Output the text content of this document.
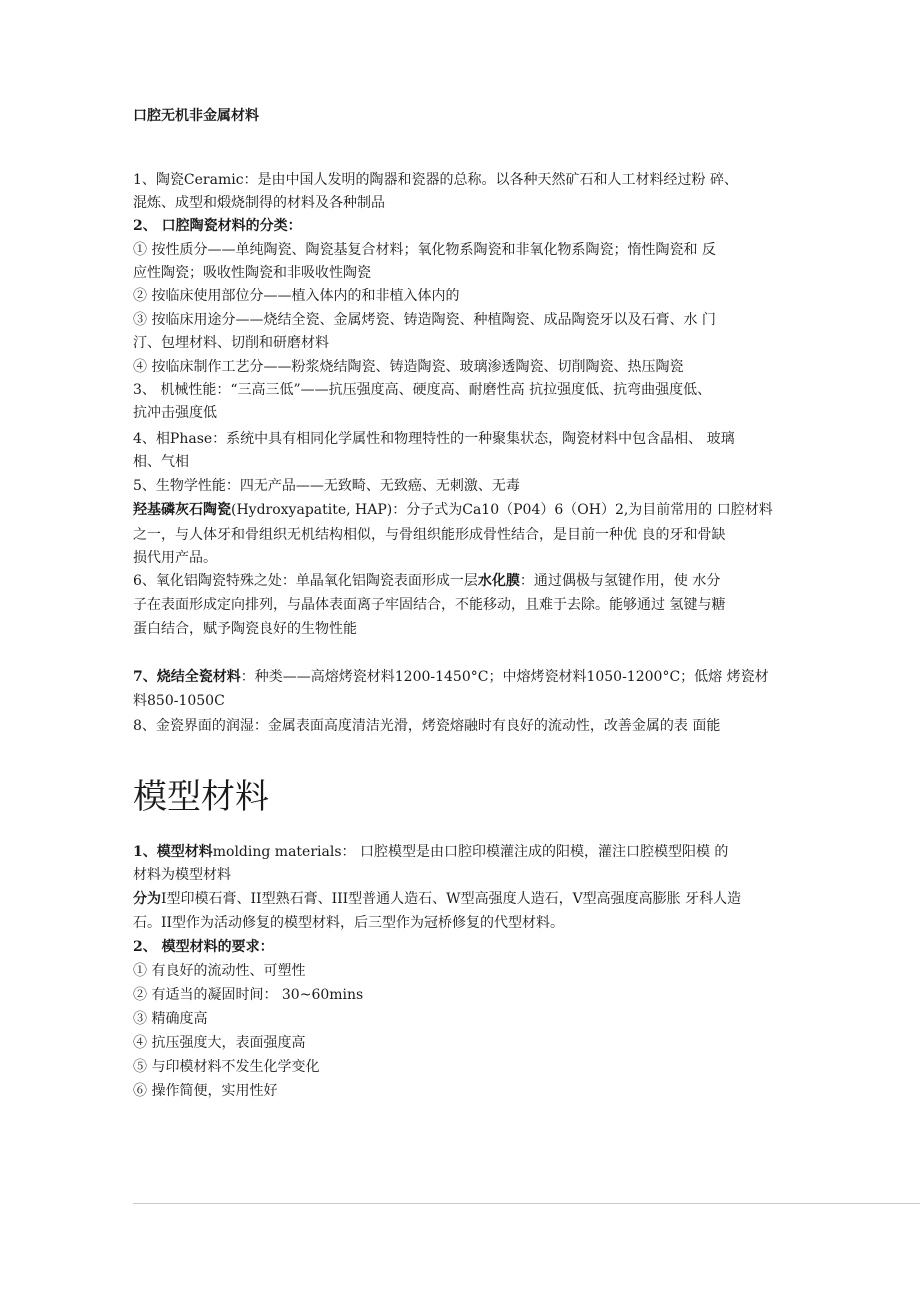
口腔无机非金属材料
1、陶瓷Ceramic：是由中国人发明的陶器和瓷器的总称。以各种天然矿石和人工材料经过粉 碎、
混炼、成型和煅烧制得的材料及各种制品
2、 口腔陶瓷材料的分类：
① 按性质分——单纯陶瓷、陶瓷基复合材料；氧化物系陶瓷和非氧化物系陶瓷；惰性陶瓷和 反
应性陶瓷；吸收性陶瓷和非吸收性陶瓷
② 按临床使用部位分——植入体内的和非植入体内的
③ 按临床用途分——烧结全瓷、金属烤瓷、铸造陶瓷、种植陶瓷、成品陶瓷牙以及石膏、水 门
汀、包埋材料、切削和研磨材料
④ 按临床制作工艺分——粉浆烧结陶瓷、铸造陶瓷、玻璃渗透陶瓷、切削陶瓷、热压陶瓷
3、 机械性能：“三高三低”——抗压强度高、硬度高、耐磨性高 抗拉强度低、抗弯曲强度低、
抗冲击强度低
4、相Phase：系统中具有相同化学属性和物理特性的一种聚集状态，陶瓷材料中包含晶相、 玻璃
相、气相
5、生物学性能：四无产品——无致畸、无致癌、无刺激、无毒
羟基磷灰石陶瓷(Hydroxyapatite, HAP)：分子式为Ca10（P04）6（OH）2,为目前常用的 口腔材料
之一，与人体牙和骨组织无机结构相似，与骨组织能形成骨性结合，是目前一种优 良的牙和骨缺
损代用产品。
6、氧化铝陶瓷特殊之处：单晶氧化铝陶瓷表面形成一层水化膜：通过偶极与氢键作用，使 水分
子在表面形成定向排列，与晶体表面离子牢固结合，不能移动，且难于去除。能够通过 氢键与糖
蛋白结合，赋予陶瓷良好的生物性能
7、烧结全瓷材料：种类——高熔烤瓷材料1200-1450°C；中熔烤瓷材料1050-1200°C；低熔 烤瓷材
料850-1050C
8、金瓷界面的润湿：金属表面高度清洁光滑，烤瓷熔融时有良好的流动性，改善金属的表 面能
模型材料
1、模型材料molding materials： 口腔模型是由口腔印模灌注成的阳模，灌注口腔模型阳模 的
材料为模型材料
分为I型印模石膏、II型熟石膏、III型普通人造石、W型高强度人造石，V型高强度高膨胀 牙科人造
石。II型作为活动修复的模型材料，后三型作为冠桥修复的代型材料。
2、 模型材料的要求：
① 有良好的流动性、可塑性
② 有适当的凝固时间： 30~60mins
③ 精确度高
④ 抗压强度大，表面强度高
⑤ 与印模材料不发生化学变化
⑥ 操作简便，实用性好
